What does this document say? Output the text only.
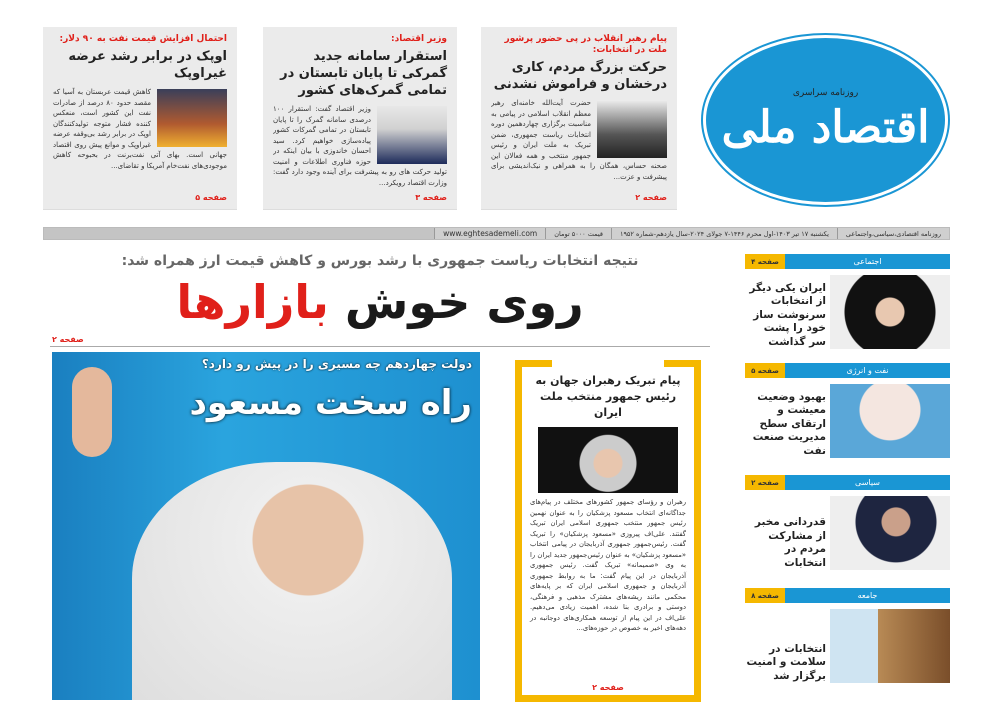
روزنامه سراسری
اقتصاد ملی
پیام رهبر انقلاب در پی حضور پرشور ملت در انتخابات:
حرکت بزرگ مردم، کاری درخشان و فراموش نشدنی
حضرت آیت‌الله خامنه‌ای رهبر معظم انقلاب اسلامی در پیامی به مناسبت برگزاری چهاردهمین دوره انتخابات ریاست جمهوری، ضمن تبریک به ملت ایران و رئیس جمهور منتخب و همه فعالان این صحنه حساس، همگان را به همراهی و نیک‌اندیشی برای پیشرفت و عزت...
صفحه ۲
وزیر اقتصاد:
استقرار سامانه جدید گمرکی تا پایان تابستان در تمامی گمرک‌های کشور
وزیر اقتصاد گفت: استقرار ۱۰۰ درصدی سامانه گمرک را تا پایان تابستان در تمامی گمرکات کشور پیاده‌سازی خواهیم کرد. سید احسان خاندوزی با بیان اینکه در حوزه فناوری اطلاعات و امنیت تولید حرکت های رو به پیشرفت برای آینده وجود دارد گفت: وزارت اقتصاد رویکرد...
صفحه ۳
احتمال افزایش قیمت نفت به ۹۰ دلار:
اوپک در برابر رشد عرضه غیراوپک
کاهش قیمت عربستان به آسیا که مقصد حدود ۸۰ درصد از صادرات نفت این کشور است، منعکس کننده فشار متوجه تولیدکنندگان اوپک در برابر رشد بی‌وقفه عرضه غیراوپک و موانع پیش روی اقتصاد جهانی است. بهای آتی نفت‌برنت در بحبوحه کاهش موجودی‌های نفت‌خام آمریکا و تقاضای...
صفحه ۵
روزنامه اقتصادی،سیاسی،واجتماعی
یکشنبه ۱۷ تیر ۱۴۰۳-اول محرم ۱۴۴۶-۷ جولای ۲۰۲۴-سال یازدهم-شماره ۱۹۵۲
قیمت ۵۰۰۰ تومان
www.eghtesademeli.com
نتیجه انتخابات ریاست جمهوری با رشد بورس و کاهش قیمت ارز همراه شد:
روی خوش بازارها
صفحه ۲
دولت چهاردهم چه مسیری را در پیش رو دارد؟
راه سخت مسعود
پیام تبریک رهبران جهان به رئیس جمهور منتخب ملت ایران
رهبران و رؤسای جمهور کشورهای مختلف در پیام‌های جداگانه‌ای انتخاب مسعود پزشکیان را به عنوان نهمین رئیس جمهور منتخب جمهوری اسلامی ایران تبریک گفتند. علی‌اف پیروزی «مسعود پزشکیان» را تبریک گفت. رئیس‌جمهور جمهوری آذربایجان در پیامی انتخاب «مسعود پزشکیان» به عنوان رئیس‌جمهور جدید ایران را به وی «صمیمانه» تبریک گفت. رئیس جمهوری آذربایجان در این پیام گفت: ما به روابط جمهوری آذربایجان و جمهوری اسلامی ایران که بر پایه‌های محکمی مانند ریشه‌های مشترک مذهبی و فرهنگی، دوستی و برادری بنا شده، اهمیت زیادی می‌دهیم. علی‌اف در این پیام از توسعه همکاری‌های دوجانبه در دهه‌های اخیر به خصوص در حوزه‌های...
صفحه ۲
اجتماعی
صفحه ۴
ایران یکی دیگر از انتخابات سرنوشت ساز خود را پشت سر گذاشت
نفت و انرژی
صفحه ۵
بهبود وضعیت معیشت و ارتقای سطح مدیریت صنعت نفت
سیاسی
صفحه ۲
قدردانی مخبر از مشارکت مردم در انتخابات
جامعه
صفحه ۸
انتخابات در سلامت و امنیت برگزار شد
